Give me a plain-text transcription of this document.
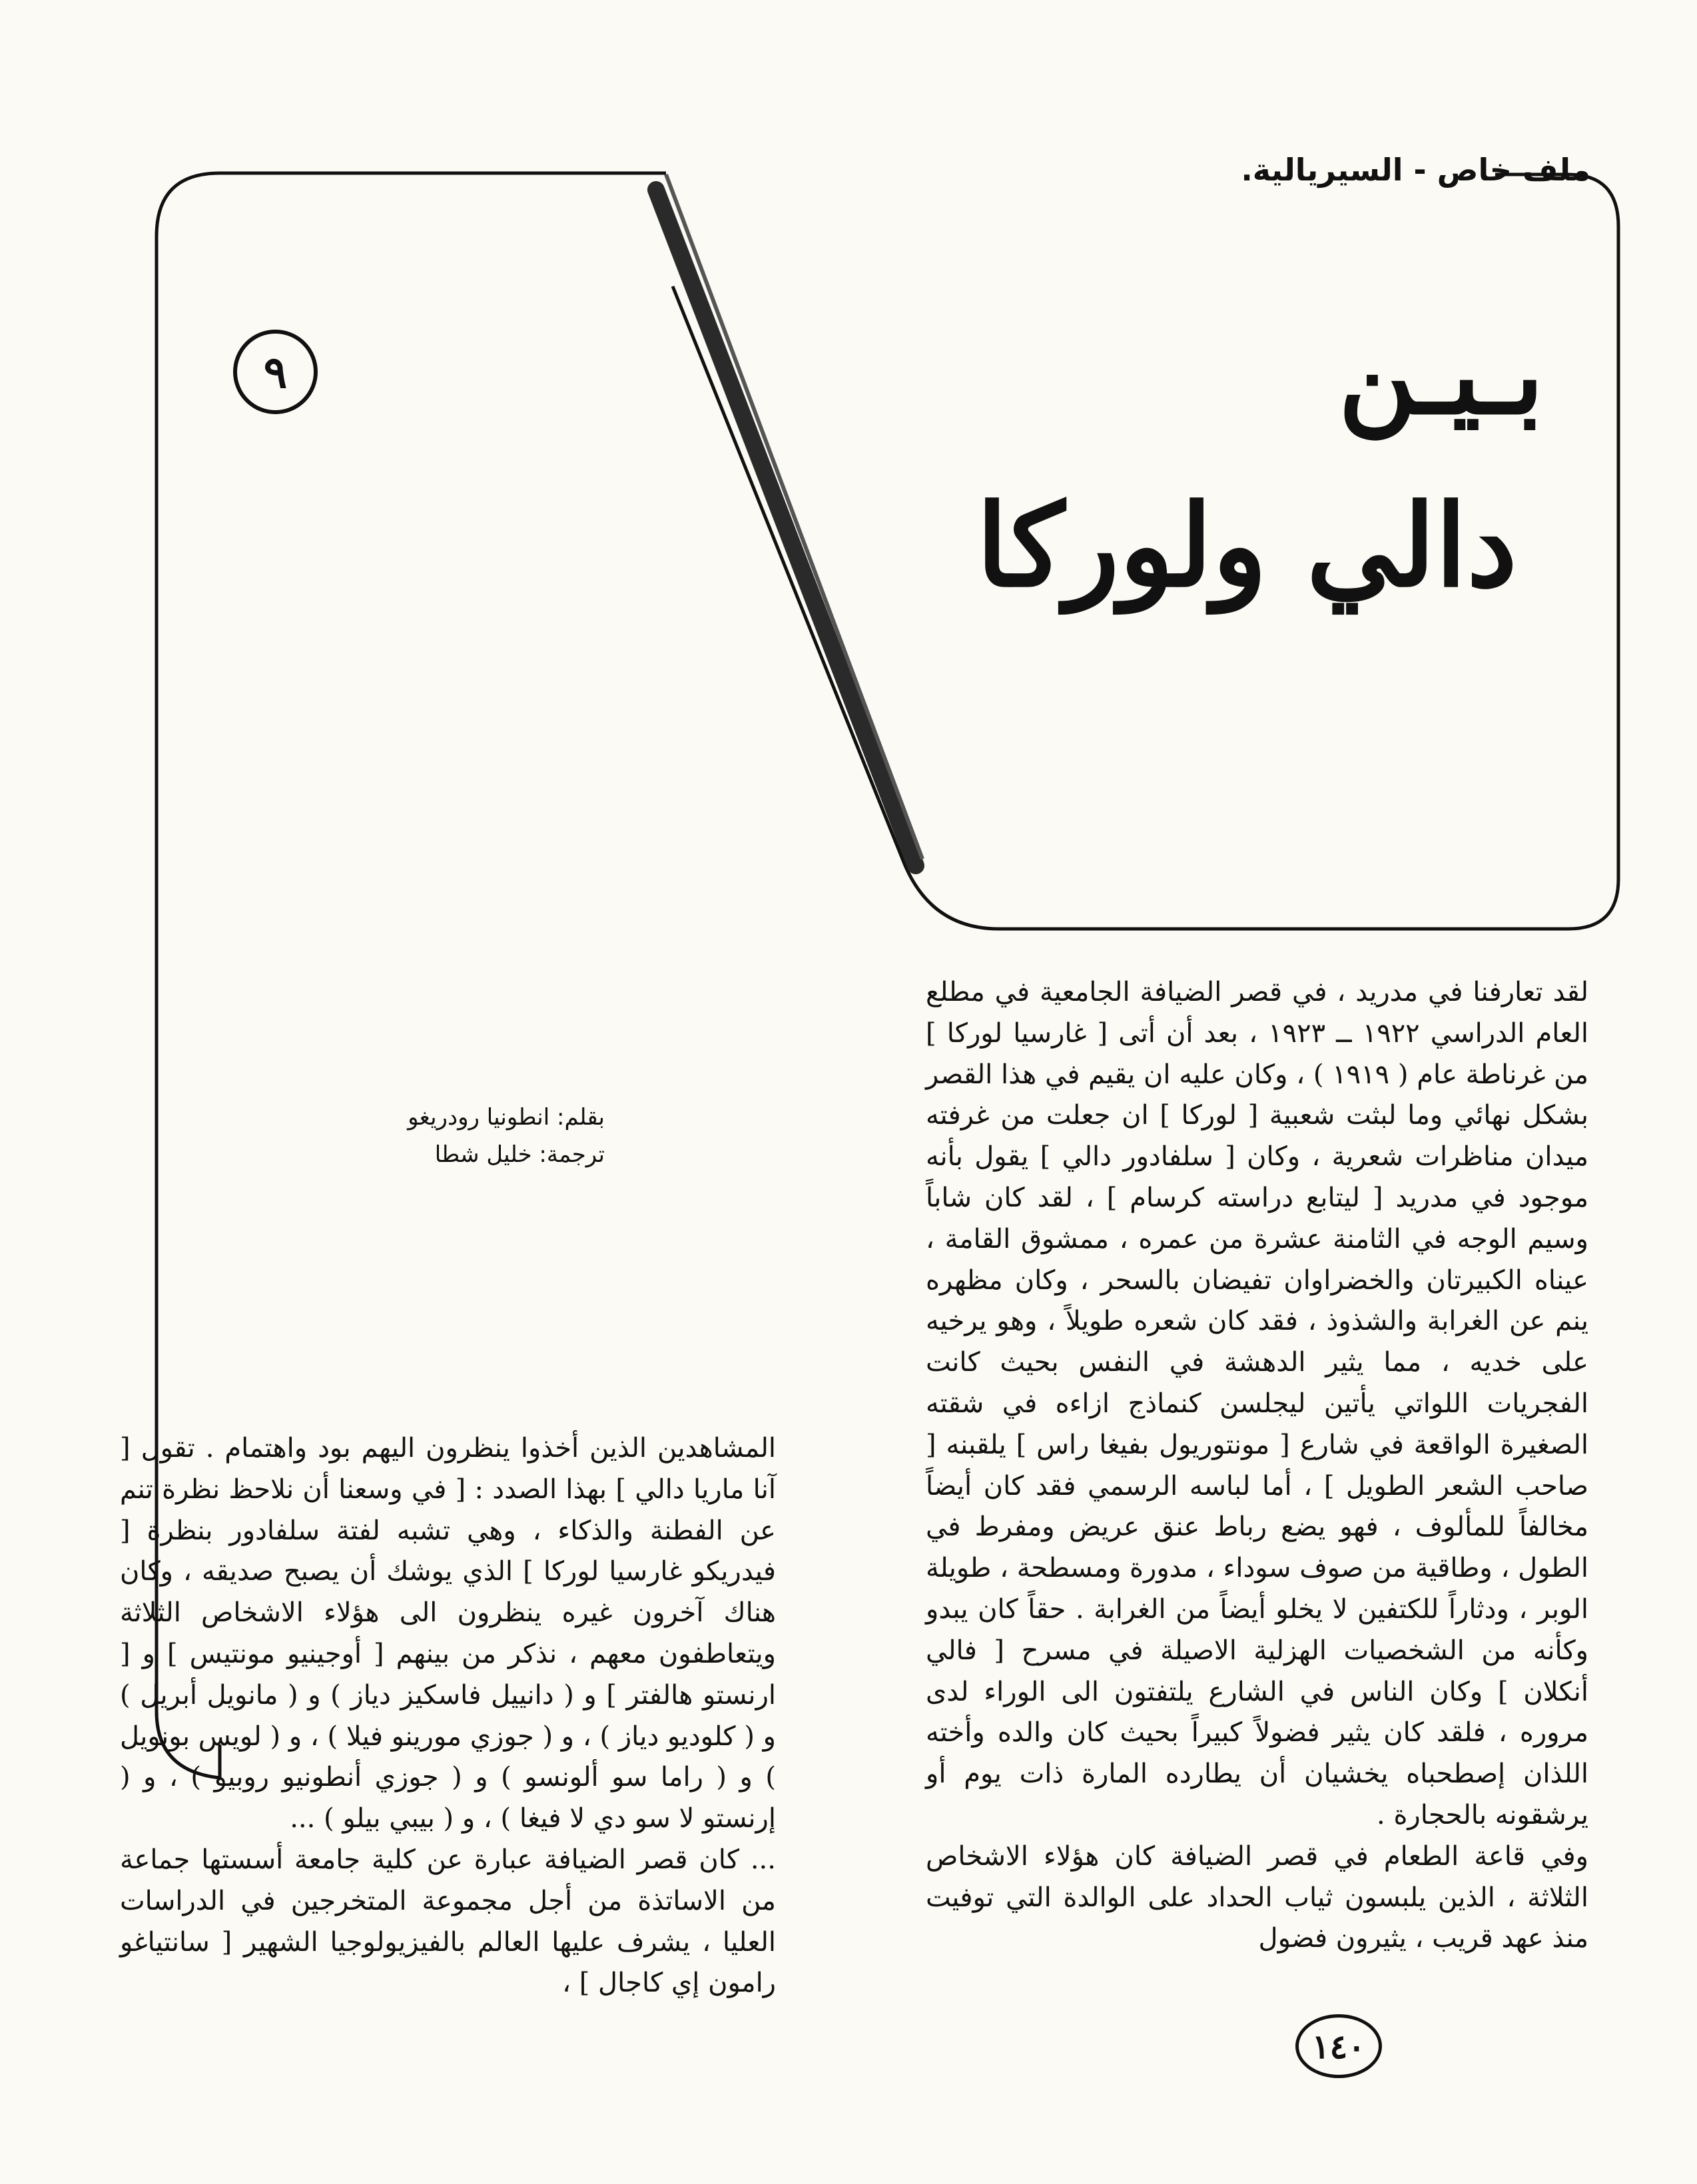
ملف خاص - السيريالية.
بـيـن
دالي ولوركا
٩
بقلم: انطونيا رودريغو
ترجمة: خليل شطا

لقد تعارفنا في مدريد ، في قصر الضيافة الجامعية في مطلع العام الدراسي ١٩٢٢ ــ ١٩٢٣ ، بعد أن أتى [ غارسيا لوركا ] من غرناطة عام ( ١٩١٩ ) ، وكان عليه ان يقيم في هذا القصر بشكل نهائي وما لبثت شعبية [ لوركا ] ان جعلت من غرفته ميدان مناظرات شعرية ، وكان [ سلفادور دالي ] يقول بأنه موجود في مدريد [ ليتابع دراسته كرسام ] ، لقد كان شاباً وسيم الوجه في الثامنة عشرة من عمره ، ممشوق القامة ، عيناه الكبيرتان والخضراوان تفيضان بالسحر ، وكان مظهره ينم عن الغرابة والشذوذ ، فقد كان شعره طويلاً ، وهو يرخيه على خديه ، مما يثير الدهشة في النفس بحيث كانت الفجريات اللواتي يأتين ليجلسن كنماذج ازاءه في شقته الصغيرة الواقعة في شارع [ مونتوريول بفيغا راس ] يلقبنه [ صاحب الشعر الطويل ] ، أما لباسه الرسمي فقد كان أيضاً مخالفاً للمألوف ، فهو يضع رباط عنق عريض ومفرط في الطول ، وطاقية من صوف سوداء ، مدورة ومسطحة ، طويلة الوبر ، ودثاراً للكتفين لا يخلو أيضاً من الغرابة . حقاً كان يبدو وكأنه من الشخصيات الهزلية الاصيلة في مسرح [ فالي أنكلان ] وكان الناس في الشارع يلتفتون الى الوراء لدى مروره ، فلقد كان يثير فضولاً كبيراً بحيث كان والده وأخته اللذان إصطحباه يخشيان أن يطارده المارة ذات يوم أو يرشقونه بالحجارة .

وفي قاعة الطعام في قصر الضيافة كان هؤلاء الاشخاص الثلاثة ، الذين يلبسون ثياب الحداد على الوالدة التي توفيت منذ عهد قريب ، يثيرون فضول

المشاهدين الذين أخذوا ينظرون اليهم بود واهتمام . تقول [ آنا ماريا دالي ] بهذا الصدد : [ في وسعنا أن نلاحظ نظرة تنم عن الفطنة والذكاء ، وهي تشبه لفتة سلفادور بنظرة [ فيدريكو غارسيا لوركا ] الذي يوشك أن يصبح صديقه ، وكان هناك آخرون غيره ينظرون الى هؤلاء الاشخاص الثلاثة ويتعاطفون معهم ، نذكر من بينهم [ أوجينيو مونتيس ] و [ ارنستو هالفتر ] و ( دانييل فاسكيز دياز ) و ( مانويل أبريل ) و ( كلوديو دياز ) ، و ( جوزي مورينو فيلا ) ، و ( لويس بونويل ) و ( راما سو ألونسو ) و ( جوزي أنطونيو روبيو ) ، و ( إرنستو لا سو دي لا فيغا ) ، و ( بيبي بيلو ) ...

... كان قصر الضيافة عبارة عن كلية جامعة أسستها جماعة من الاساتذة من أجل مجموعة المتخرجين في الدراسات العليا ، يشرف عليها العالم بالفيزيولوجيا الشهير [ سانتياغو رامون إي كاجال ] ،

١٤٠
